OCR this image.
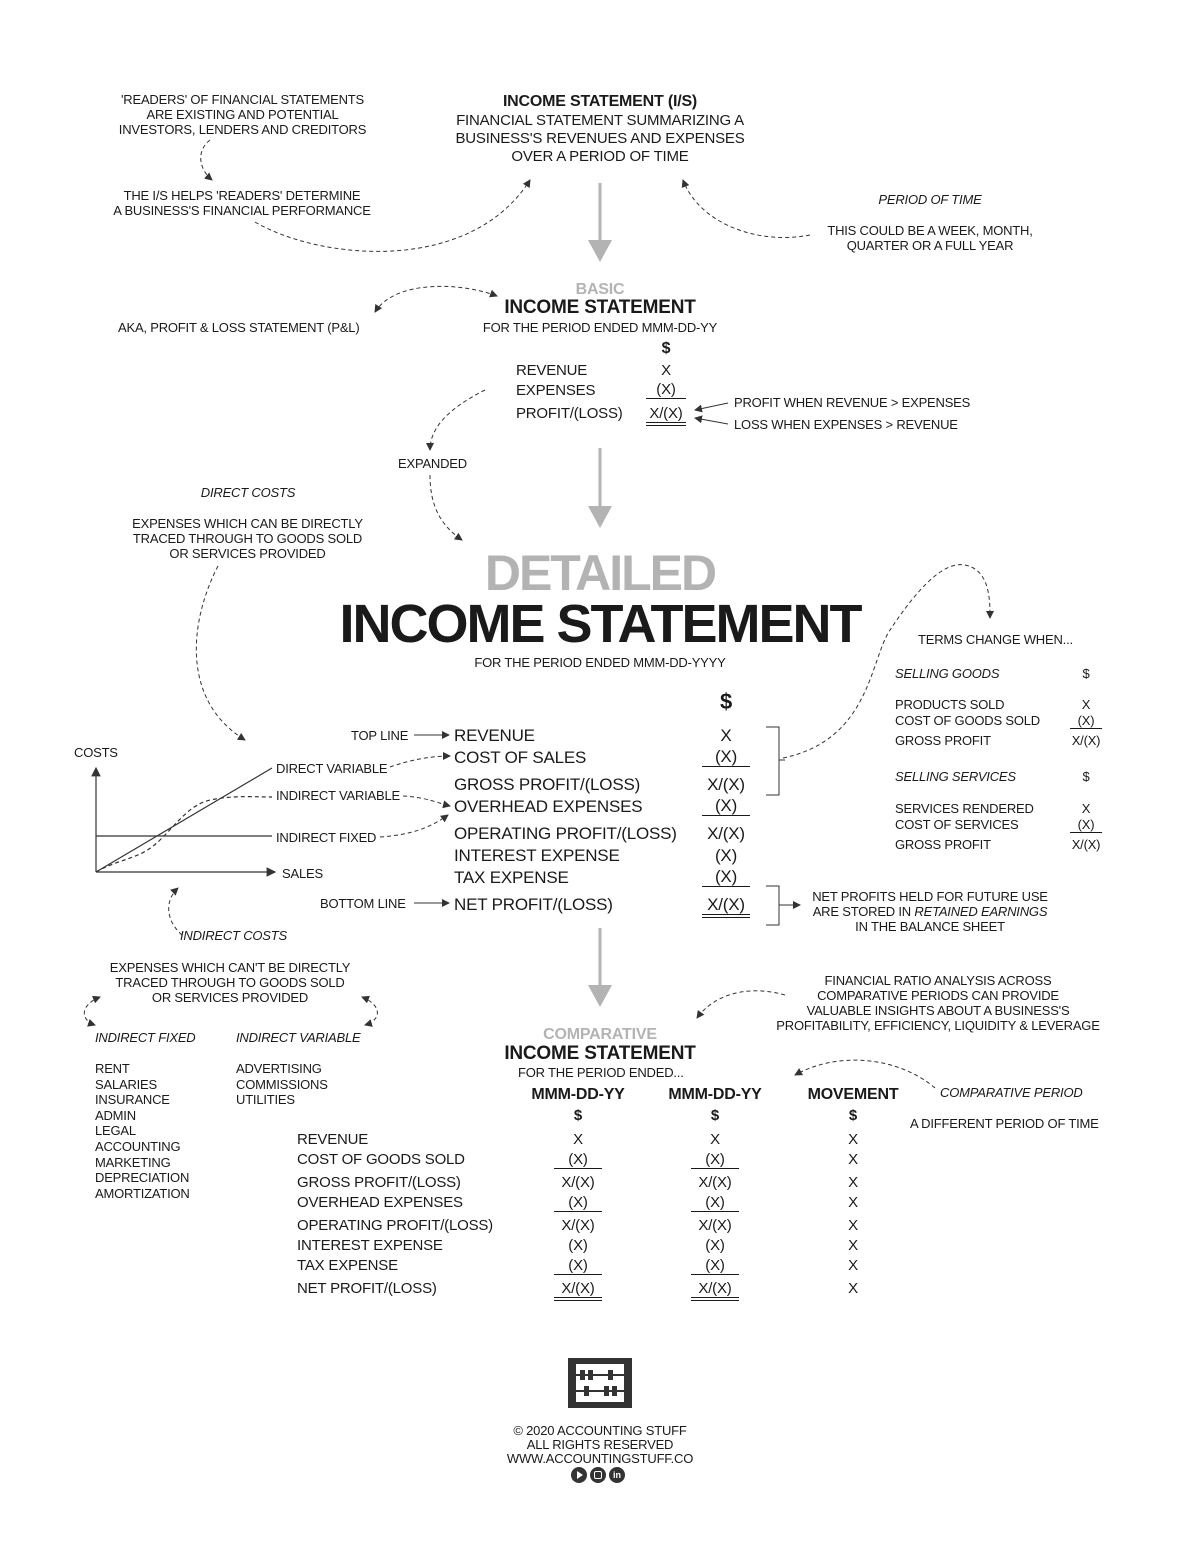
'READERS' OF FINANCIAL STATEMENTS
ARE EXISTING AND POTENTIAL
INVESTORS, LENDERS AND CREDITORS
THE I/S HELPS 'READERS' DETERMINE
A BUSINESS'S FINANCIAL PERFORMANCE
INCOME STATEMENT (I/S)
FINANCIAL STATEMENT SUMMARIZING A
BUSINESS'S REVENUES AND EXPENSES
OVER A PERIOD OF TIME
PERIOD OF TIME
THIS COULD BE A WEEK, MONTH,
QUARTER OR A FULL YEAR
BASIC
INCOME STATEMENT
FOR THE PERIOD ENDED MMM-DD-YY
AKA, PROFIT & LOSS STATEMENT (P&L)
$
REVENUE	X
EXPENSES	(X)
PROFIT/(LOSS) X/(X)
PROFIT WHEN REVENUE > EXPENSES
LOSS WHEN EXPENSES > REVENUE
EXPANDED
DIRECT COSTS
EXPENSES WHICH CAN BE DIRECTLY
TRACED THROUGH TO GOODS SOLD
OR SERVICES PROVIDED	DETAILED
INCOME STATEMENT
FOR THE PERIOD ENDED MMM-DD-YYYY
$
TOP LINE
BOTTOM LINE
REVENUE	X
COST OF SALES	(X)
GROSS PROFIT/(LOSS)	X/(X)
OVERHEAD EXPENSES	(X)
OPERATING PROFIT/(LOSS)	X/(X)
INTEREST EXPENSE	(X)
TAX EXPENSE	(X)
NET PROFIT/(LOSS)	X/(X)	NET PROFITS HELD FOR FUTURE USE
ARE STORED IN RETAINED EARNINGS
IN THE BALANCE SHEET
COSTS
SALES
DIRECT VARIABLE
INDIRECT VARIABLE
INDIRECT FIXED
TERMS CHANGE WHEN...
SELLING GOODS	$
PRODUCTS SOLD	X
COST OF GOODS SOLD	(X)
GROSS PROFIT	X/(X)
SELLING SERVICES	$
SERVICES RENDERED	X
COST OF SERVICES	(X)
GROSS PROFIT	X/(X)
INDIRECT COSTS
EXPENSES WHICH CAN'T BE DIRECTLY
TRACED THROUGH TO GOODS SOLD
OR SERVICES PROVIDED
INDIRECT FIXED
RENT
SALARIES
INSURANCE
ADMIN
LEGAL
ACCOUNTING
MARKETING
DEPRECIATION
AMORTIZATION
INDIRECT VARIABLE
ADVERTISING
COMMISSIONS
UTILITIES
FINANCIAL RATIO ANALYSIS ACROSS
COMPARATIVE PERIODS CAN PROVIDE
VALUABLE INSIGHTS ABOUT A BUSINESS'S
PROFITABILITY, EFFICIENCY, LIQUIDITY & LEVERAGE
COMPARATIVE
INCOME STATEMENT
FOR THE PERIOD ENDED...
COMPARATIVE PERIOD
A DIFFERENT PERIOD OF TIME
MMM-DD-YY	MMM-DD-YY	MOVEMENT
$	$	$
REVENUE	X	X	X
COST OF GOODS SOLD	(X)	(X)	X
GROSS PROFIT/(LOSS)	X/(X)	X/(X)	X
OVERHEAD EXPENSES	(X)	(X)	X
OPERATING PROFIT/(LOSS)	X/(X)	X/(X)	X
INTEREST EXPENSE	(X)	(X)	X
TAX EXPENSE	(X)	(X)	X
NET PROFIT/(LOSS)	X/(X)	X/(X)	X
© 2020 ACCOUNTING STUFF
ALL RIGHTS RESERVED
WWW.ACCOUNTINGSTUFF.CO
in
